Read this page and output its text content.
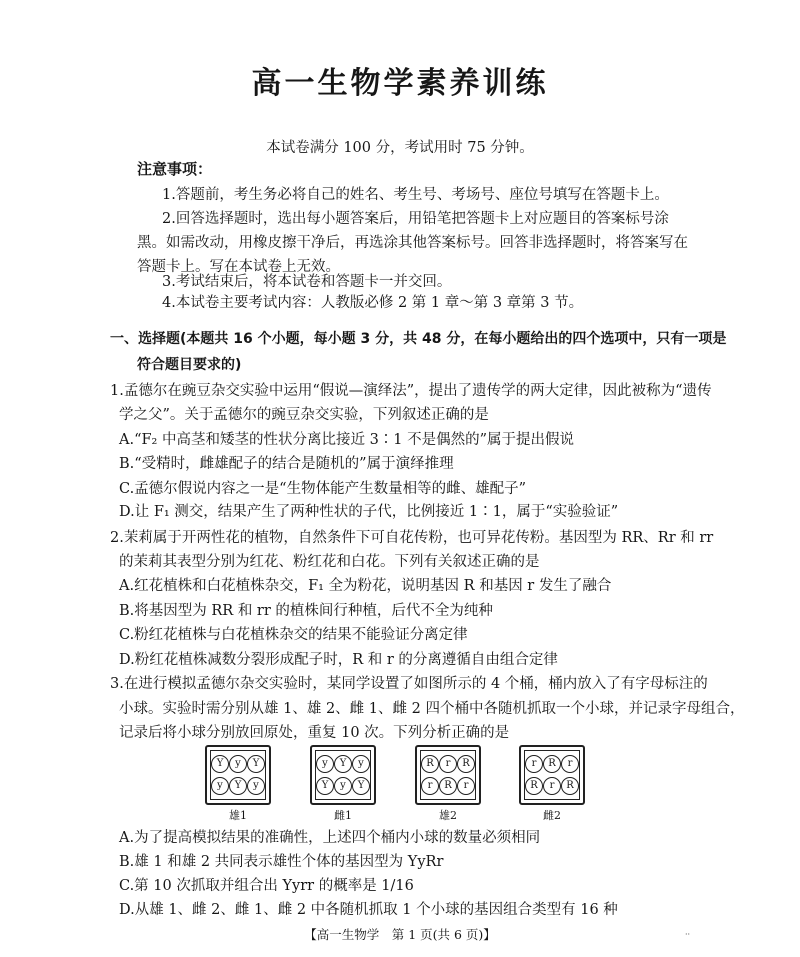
高一生物学素养训练
本试卷满分 100 分，考试用时 75 分钟。
注意事项：
1.答题前，考生务必将自己的姓名、考生号、考场号、座位号填写在答题卡上。
2.回答选择题时，选出每小题答案后，用铅笔把答题卡上对应题目的答案标号涂
黑。如需改动，用橡皮擦干净后，再选涂其他答案标号。回答非选择题时，将答案写在
答题卡上。写在本试卷上无效。
3.考试结束后，将本试卷和答题卡一并交回。
4.本试卷主要考试内容：人教版必修 2 第 1 章～第 3 章第 3 节。
一、选择题(本题共 16 个小题，每小题 3 分，共 48 分，在每小题给出的四个选项中，只有一项是
符合题目要求的)
1.孟德尔在豌豆杂交实验中运用“假说—演绎法”，提出了遗传学的两大定律，因此被称为“遗传
学之父”。关于孟德尔的豌豆杂交实验，下列叙述正确的是
A.“F₂ 中高茎和矮茎的性状分离比接近 3∶1 不是偶然的”属于提出假说
B.“受精时，雌雄配子的结合是随机的”属于演绎推理
C.孟德尔假说内容之一是“生物体能产生数量相等的雌、雄配子”
D.让 F₁ 测交，结果产生了两种性状的子代，比例接近 1∶1，属于“实验验证”
2.茉莉属于开两性花的植物，自然条件下可自花传粉，也可异花传粉。基因型为 RR、Rr 和 rr
的茉莉其表型分别为红花、粉红花和白花。下列有关叙述正确的是
A.红花植株和白花植株杂交，F₁ 全为粉花，说明基因 R 和基因 r 发生了融合
B.将基因型为 RR 和 rr 的植株间行种植，后代不全为纯种
C.粉红花植株与白花植株杂交的结果不能验证分离定律
D.粉红花植株减数分裂形成配子时，R 和 r 的分离遵循自由组合定律
3.在进行模拟孟德尔杂交实验时，某同学设置了如图所示的 4 个桶，桶内放入了有字母标注的
小球。实验时需分别从雄 1、雄 2、雌 1、雌 2 四个桶中各随机抓取一个小球，并记录字母组合，
记录后将小球分别放回原处，重复 10 次。下列分析正确的是
Y	y	Y
y	Y	y
雄1
y	Y	y
Y	y	Y
雌1
R	r	R
r	R	r
雄2
r	R	r
R	r	R
雌2
A.为了提高模拟结果的准确性，上述四个桶内小球的数量必须相同
B.雄 1 和雄 2 共同表示雄性个体的基因型为 YyRr
C.第 10 次抓取并组合出 Yyrr 的概率是 1/16
D.从雄 1、雌 2、雌 1、雌 2 中各随机抓取 1 个小球的基因组合类型有 16 种
【高一生物学　第 1 页(共 6 页)】	··
